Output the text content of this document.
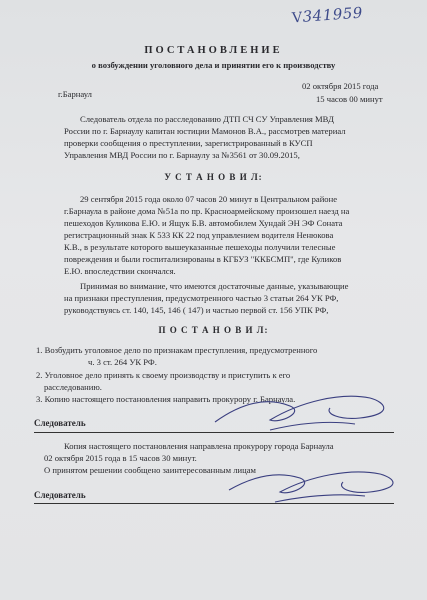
V341959
ПОСТАНОВЛЕНИЕ
о возбуждении уголовного дела и принятии его к производству
г.Барнаул
02 октября 2015 года
15 часов 00 минут
Следователь отдела по расследованию ДТП СЧ СУ Управления МВД
России по г. Барнаулу капитан юстиции Мамонов В.А., рассмотрев материал
проверки сообщения о преступлении, зарегистрированный в КУСП
Управления МВД России по г. Барнаулу за №3561 от 30.09.2015,
У С Т А Н О В И Л:
29 сентября 2015 года около 07 часов 20 минут в Центральном районе
г.Барнаула в районе дома №51а по пр. Красноармейскому произошел наезд на
пешеходов Куликова Е.Ю. и Ящук Б.В. автомобилем Хундай ЭН ЭФ Соната
регистрационный знак К 533 КК 22 под управлением водителя Ненюкова
К.В., в результате которого вышеуказанные пешеходы получили телесные
повреждения и были госпитализированы в КГБУЗ "ККБСМП", где Куликов
Е.Ю. впоследствии скончался.
Принимая во внимание, что имеются достаточные данные, указывающие
на признаки преступления, предусмотренного частью 3 статьи 264 УК РФ,
руководствуясь ст. 140, 145, 146 ( 147) и частью первой ст. 156 УПК РФ,
П О С Т А Н О В И Л:
1. Возбудить уголовное дело по признакам преступления, предусмотренного
ч. 3 ст. 264 УК РФ.
2. Уголовное дело принять к своему производству и приступить к его
расследованию.
3. Копию настоящего постановления направить прокурору г. Барнаула.
Следователь
Копия настоящего постановления направлена прокурору города Барнаула
02 октября 2015 года в 15 часов 30 минут.
О принятом решении сообщено заинтересованным лицам
Следователь
